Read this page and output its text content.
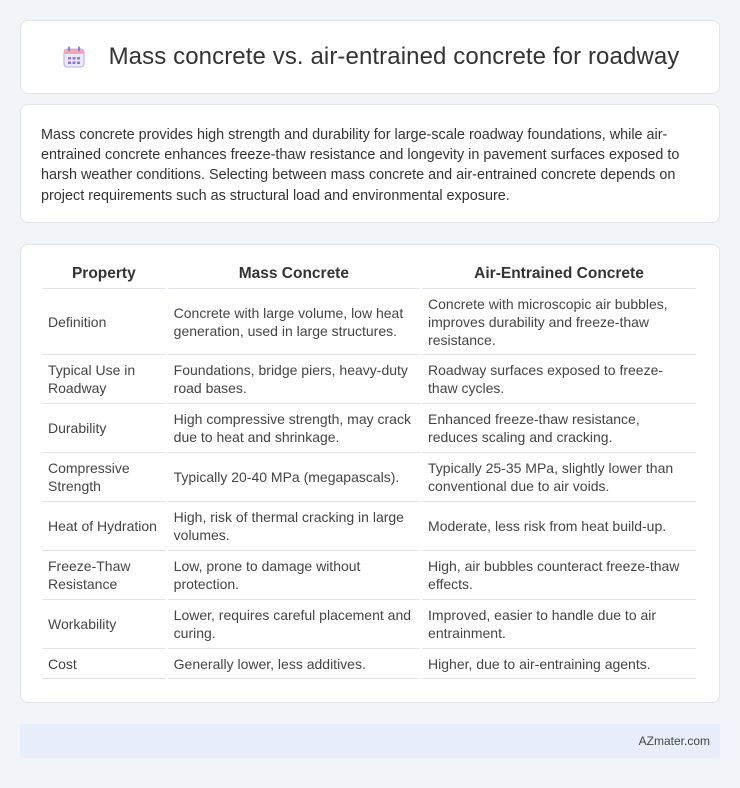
Mass concrete vs. air-entrained concrete for roadway

Mass concrete provides high strength and durability for large-scale roadway foundations, while air-entrained concrete enhances freeze-thaw resistance and longevity in pavement surfaces exposed to harsh weather conditions. Selecting between mass concrete and air-entrained concrete depends on project requirements such as structural load and environmental exposure.

Property	Mass Concrete	Air-Entrained Concrete
Definition	Concrete with large volume, low heat generation, used in large structures.	Concrete with microscopic air bubbles, improves durability and freeze-thaw resistance.
Typical Use in Roadway	Foundations, bridge piers, heavy-duty road bases.	Roadway surfaces exposed to freeze-thaw cycles.
Durability	High compressive strength, may crack due to heat and shrinkage.	Enhanced freeze-thaw resistance, reduces scaling and cracking.
Compressive Strength	Typically 20-40 MPa (megapascals).	Typically 25-35 MPa, slightly lower than conventional due to air voids.
Heat of Hydration	High, risk of thermal cracking in large volumes.	Moderate, less risk from heat build-up.
Freeze-Thaw Resistance	Low, prone to damage without protection.	High, air bubbles counteract freeze-thaw effects.
Workability	Lower, requires careful placement and curing.	Improved, easier to handle due to air entrainment.
Cost	Generally lower, less additives.	Higher, due to air-entraining agents.
AZmater.com
